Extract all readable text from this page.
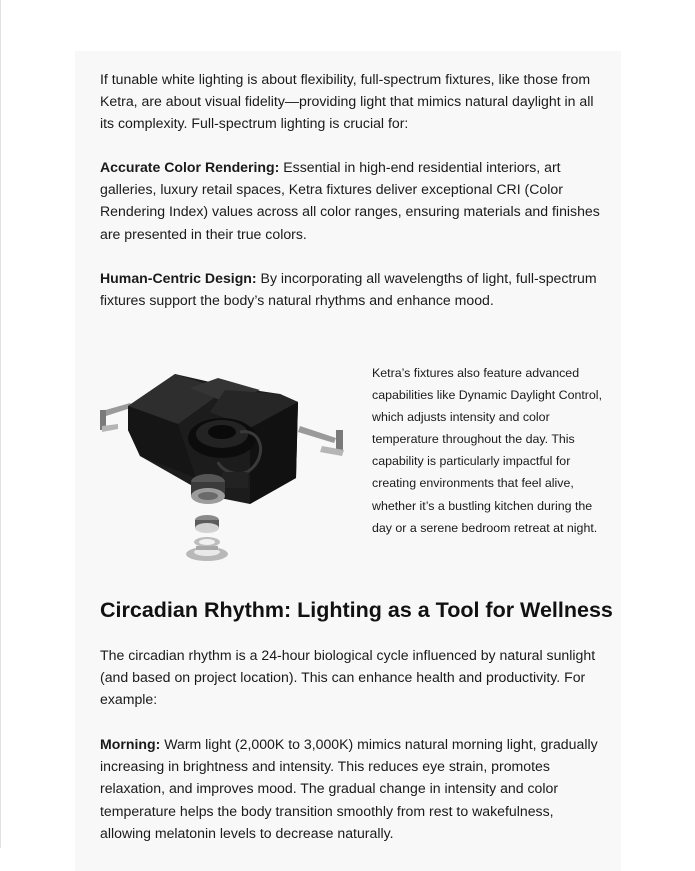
If tunable white lighting is about flexibility, full-spectrum fixtures, like those from Ketra, are about visual fidelity—providing light that mimics natural daylight in all its complexity. Full-spectrum lighting is crucial for:

Accurate Color Rendering: Essential in high-end residential interiors, art galleries, luxury retail spaces, Ketra fixtures deliver exceptional CRI (Color Rendering Index) values across all color ranges, ensuring materials and finishes are presented in their true colors.

Human-Centric Design: By incorporating all wavelengths of light, full-spectrum fixtures support the body’s natural rhythms and enhance mood.

Ketra’s fixtures also feature advanced capabilities like Dynamic Daylight Control, which adjusts intensity and color temperature throughout the day. This capability is particularly impactful for creating environments that feel alive, whether it’s a bustling kitchen during the day or a serene bedroom retreat at night.

Circadian Rhythm: Lighting as a Tool for Wellness

The circadian rhythm is a 24-hour biological cycle influenced by natural sunlight (and based on project location). This can enhance health and productivity. For example:

Morning: Warm light (2,000K to 3,000K) mimics natural morning light, gradually increasing in brightness and intensity. This reduces eye strain, promotes relaxation, and improves mood. The gradual change in intensity and color temperature helps the body transition smoothly from rest to wakefulness, allowing melatonin levels to decrease naturally.
